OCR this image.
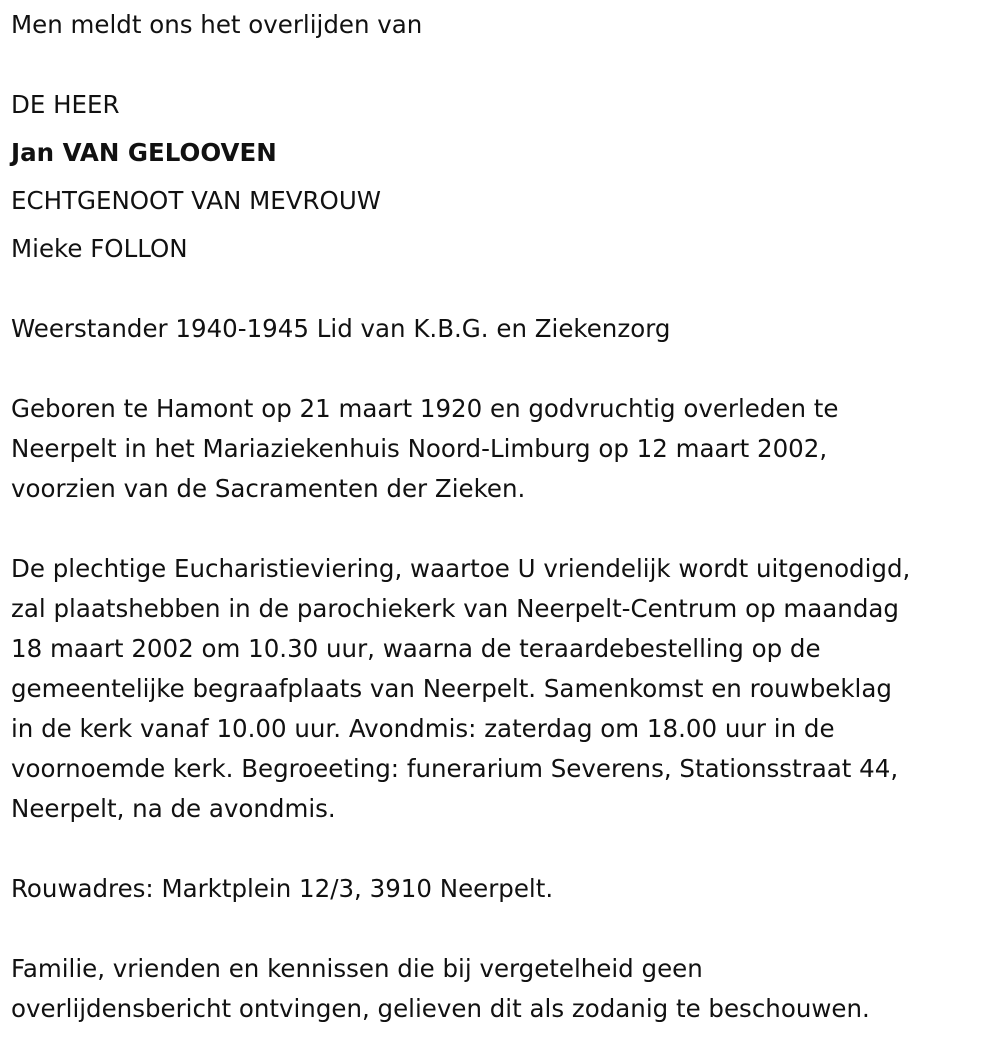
Men meldt ons het overlijden van

DE HEER

Jan VAN GELOOVEN

ECHTGENOOT VAN MEVROUW

Mieke FOLLON

Weerstander 1940-1945 Lid van K.B.G. en Ziekenzorg

Geboren te Hamont op 21 maart 1920 en godvruchtig overleden te

Neerpelt in het Mariaziekenhuis Noord-Limburg op 12 maart 2002,

voorzien van de Sacramenten der Zieken.

De plechtige Eucharistieviering, waartoe U vriendelijk wordt uitgenodigd,

zal plaatshebben in de parochiekerk van Neerpelt-Centrum op maandag

18 maart 2002 om 10.30 uur, waarna de teraardebestelling op de

gemeentelijke begraafplaats van Neerpelt. Samenkomst en rouwbeklag

in de kerk vanaf 10.00 uur. Avondmis: zaterdag om 18.00 uur in de

voornoemde kerk. Begroeeting: funerarium Severens, Stationsstraat 44,

Neerpelt, na de avondmis.

Rouwadres: Marktplein 12/3, 3910 Neerpelt.

Familie, vrienden en kennissen die bij vergetelheid geen

overlijdensbericht ontvingen, gelieven dit als zodanig te beschouwen.
